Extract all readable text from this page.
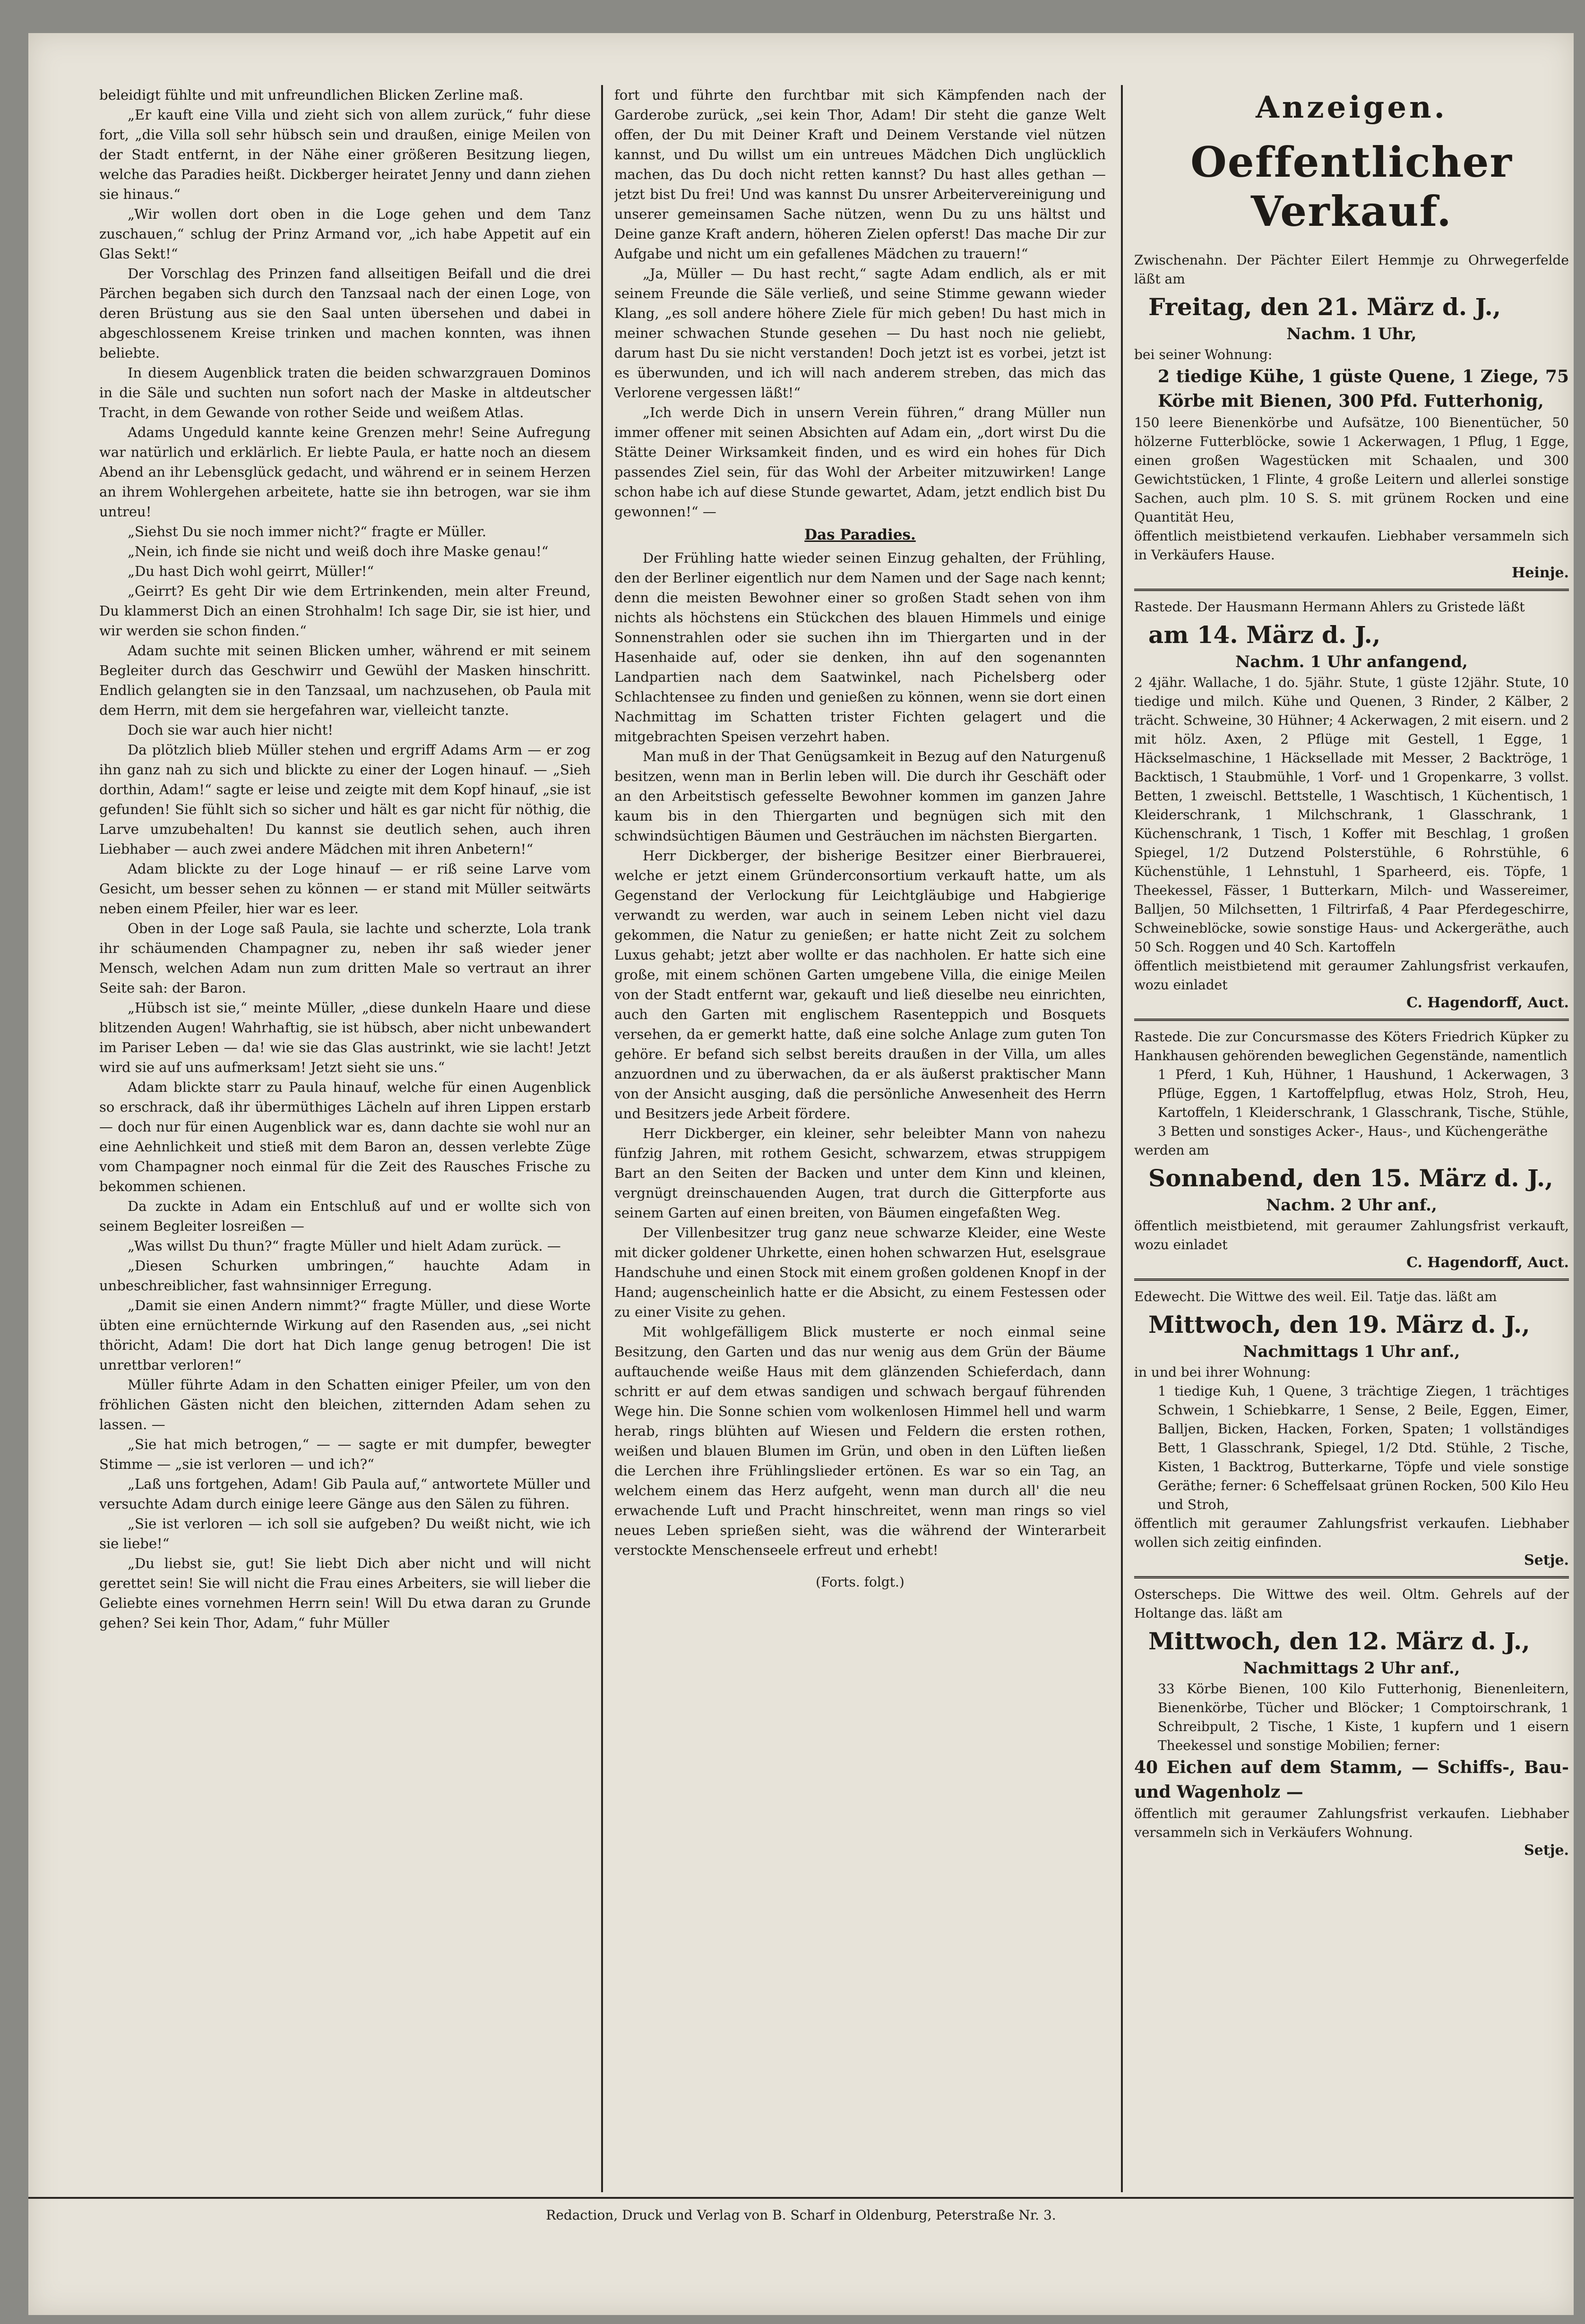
beleidigt fühlte und mit unfreundlichen Blicken Zerline maß.

„Er kauft eine Villa und zieht sich von allem zurück,“ fuhr diese fort, „die Villa soll sehr hübsch sein und draußen, einige Meilen von der Stadt entfernt, in der Nähe einer größeren Besitzung liegen, welche das Paradies heißt. Dickberger heiratet Jenny und dann ziehen sie hinaus.“

„Wir wollen dort oben in die Loge gehen und dem Tanz zuschauen,“ schlug der Prinz Armand vor, „ich habe Appetit auf ein Glas Sekt!“

Der Vorschlag des Prinzen fand allseitigen Beifall und die drei Pärchen begaben sich durch den Tanzsaal nach der einen Loge, von deren Brüstung aus sie den Saal unten übersehen und dabei in abgeschlossenem Kreise trinken und machen konnten, was ihnen beliebte.

In diesem Augenblick traten die beiden schwarzgrauen Dominos in die Säle und suchten nun sofort nach der Maske in altdeutscher Tracht, in dem Gewande von rother Seide und weißem Atlas.

Adams Ungeduld kannte keine Grenzen mehr! Seine Aufregung war natürlich und erklärlich. Er liebte Paula, er hatte noch an diesem Abend an ihr Lebensglück gedacht, und während er in seinem Herzen an ihrem Wohlergehen arbeitete, hatte sie ihn betrogen, war sie ihm untreu!

„Siehst Du sie noch immer nicht?“ fragte er Müller.

„Nein, ich finde sie nicht und weiß doch ihre Maske genau!“

„Du hast Dich wohl geirrt, Müller!“

„Geirrt? Es geht Dir wie dem Ertrinkenden, mein alter Freund, Du klammerst Dich an einen Strohhalm! Ich sage Dir, sie ist hier, und wir werden sie schon finden.“

Adam suchte mit seinen Blicken umher, während er mit seinem Begleiter durch das Geschwirr und Gewühl der Masken hinschritt. Endlich gelangten sie in den Tanzsaal, um nachzusehen, ob Paula mit dem Herrn, mit dem sie hergefahren war, vielleicht tanzte.

Doch sie war auch hier nicht!

Da plötzlich blieb Müller stehen und ergriff Adams Arm — er zog ihn ganz nah zu sich und blickte zu einer der Logen hinauf. — „Sieh dorthin, Adam!“ sagte er leise und zeigte mit dem Kopf hinauf, „sie ist gefunden! Sie fühlt sich so sicher und hält es gar nicht für nöthig, die Larve umzubehalten! Du kannst sie deutlich sehen, auch ihren Liebhaber — auch zwei andere Mädchen mit ihren Anbetern!“

Adam blickte zu der Loge hinauf — er riß seine Larve vom Gesicht, um besser sehen zu können — er stand mit Müller seitwärts neben einem Pfeiler, hier war es leer.

Oben in der Loge saß Paula, sie lachte und scherzte, Lola trank ihr schäumenden Champagner zu, neben ihr saß wieder jener Mensch, welchen Adam nun zum dritten Male so vertraut an ihrer Seite sah: der Baron.

„Hübsch ist sie,“ meinte Müller, „diese dunkeln Haare und diese blitzenden Augen! Wahrhaftig, sie ist hübsch, aber nicht unbewandert im Pariser Leben — da! wie sie das Glas austrinkt, wie sie lacht! Jetzt wird sie auf uns aufmerksam! Jetzt sieht sie uns.“

Adam blickte starr zu Paula hinauf, welche für einen Augenblick so erschrack, daß ihr übermüthiges Lächeln auf ihren Lippen erstarb — doch nur für einen Augenblick war es, dann dachte sie wohl nur an eine Aehnlichkeit und stieß mit dem Baron an, dessen verlebte Züge vom Champagner noch einmal für die Zeit des Rausches Frische zu bekommen schienen.

Da zuckte in Adam ein Entschluß auf und er wollte sich von seinem Begleiter losreißen —

„Was willst Du thun?“ fragte Müller und hielt Adam zurück. —

„Diesen Schurken umbringen,“ hauchte Adam in unbeschreiblicher, fast wahnsinniger Erregung.

„Damit sie einen Andern nimmt?“ fragte Müller, und diese Worte übten eine ernüchternde Wirkung auf den Rasenden aus, „sei nicht thöricht, Adam! Die dort hat Dich lange genug betrogen! Die ist unrettbar verloren!“

Müller führte Adam in den Schatten einiger Pfeiler, um von den fröhlichen Gästen nicht den bleichen, zitternden Adam sehen zu lassen. —

„Sie hat mich betrogen,“ — — sagte er mit dumpfer, bewegter Stimme — „sie ist verloren — und ich?“

„Laß uns fortgehen, Adam! Gib Paula auf,“ antwortete Müller und versuchte Adam durch einige leere Gänge aus den Sälen zu führen.

„Sie ist verloren — ich soll sie aufgeben? Du weißt nicht, wie ich sie liebe!“

„Du liebst sie, gut! Sie liebt Dich aber nicht und will nicht gerettet sein! Sie will nicht die Frau eines Arbeiters, sie will lieber die Geliebte eines vornehmen Herrn sein! Will Du etwa daran zu Grunde gehen? Sei kein Thor, Adam,“ fuhr Müller

fort und führte den furchtbar mit sich Kämpfenden nach der Garderobe zurück, „sei kein Thor, Adam! Dir steht die ganze Welt offen, der Du mit Deiner Kraft und Deinem Verstande viel nützen kannst, und Du willst um ein untreues Mädchen Dich unglücklich machen, das Du doch nicht retten kannst? Du hast alles gethan — jetzt bist Du frei! Und was kannst Du unsrer Arbeitervereinigung und unserer gemeinsamen Sache nützen, wenn Du zu uns hältst und Deine ganze Kraft andern, höheren Zielen opferst! Das mache Dir zur Aufgabe und nicht um ein gefallenes Mädchen zu trauern!“

„Ja, Müller — Du hast recht,“ sagte Adam endlich, als er mit seinem Freunde die Säle verließ, und seine Stimme gewann wieder Klang, „es soll andere höhere Ziele für mich geben! Du hast mich in meiner schwachen Stunde gesehen — Du hast noch nie geliebt, darum hast Du sie nicht verstanden! Doch jetzt ist es vorbei, jetzt ist es überwunden, und ich will nach anderem streben, das mich das Verlorene vergessen läßt!“

„Ich werde Dich in unsern Verein führen,“ drang Müller nun immer offener mit seinen Absichten auf Adam ein, „dort wirst Du die Stätte Deiner Wirksamkeit finden, und es wird ein hohes für Dich passendes Ziel sein, für das Wohl der Arbeiter mitzuwirken! Lange schon habe ich auf diese Stunde gewartet, Adam, jetzt endlich bist Du gewonnen!“ —

Das Paradies.

Der Frühling hatte wieder seinen Einzug gehalten, der Frühling, den der Berliner eigentlich nur dem Namen und der Sage nach kennt; denn die meisten Bewohner einer so großen Stadt sehen von ihm nichts als höchstens ein Stückchen des blauen Himmels und einige Sonnenstrahlen oder sie suchen ihn im Thiergarten und in der Hasenhaide auf, oder sie denken, ihn auf den sogenannten Landpartien nach dem Saatwinkel, nach Pichelsberg oder Schlachtensee zu finden und genießen zu können, wenn sie dort einen Nachmittag im Schatten trister Fichten gelagert und die mitgebrachten Speisen verzehrt haben.

Man muß in der That Genügsamkeit in Bezug auf den Naturgenuß besitzen, wenn man in Berlin leben will. Die durch ihr Geschäft oder an den Arbeitstisch gefesselte Bewohner kommen im ganzen Jahre kaum bis in den Thiergarten und begnügen sich mit den schwindsüchtigen Bäumen und Gesträuchen im nächsten Biergarten.

Herr Dickberger, der bisherige Besitzer einer Bierbrauerei, welche er jetzt einem Gründerconsortium verkauft hatte, um als Gegenstand der Verlockung für Leichtgläubige und Habgierige verwandt zu werden, war auch in seinem Leben nicht viel dazu gekommen, die Natur zu genießen; er hatte nicht Zeit zu solchem Luxus gehabt; jetzt aber wollte er das nachholen. Er hatte sich eine große, mit einem schönen Garten umgebene Villa, die einige Meilen von der Stadt entfernt war, gekauft und ließ dieselbe neu einrichten, auch den Garten mit englischem Rasenteppich und Bosquets versehen, da er gemerkt hatte, daß eine solche Anlage zum guten Ton gehöre. Er befand sich selbst bereits draußen in der Villa, um alles anzuordnen und zu überwachen, da er als äußerst praktischer Mann von der Ansicht ausging, daß die persönliche Anwesenheit des Herrn und Besitzers jede Arbeit fördere.

Herr Dickberger, ein kleiner, sehr beleibter Mann von nahezu fünfzig Jahren, mit rothem Gesicht, schwarzem, etwas struppigem Bart an den Seiten der Backen und unter dem Kinn und kleinen, vergnügt dreinschauenden Augen, trat durch die Gitterpforte aus seinem Garten auf einen breiten, von Bäumen eingefaßten Weg.

Der Villenbesitzer trug ganz neue schwarze Kleider, eine Weste mit dicker goldener Uhrkette, einen hohen schwarzen Hut, eselsgraue Handschuhe und einen Stock mit einem großen goldenen Knopf in der Hand; augenscheinlich hatte er die Absicht, zu einem Festessen oder zu einer Visite zu gehen.

Mit wohlgefälligem Blick musterte er noch einmal seine Besitzung, den Garten und das nur wenig aus dem Grün der Bäume auftauchende weiße Haus mit dem glänzenden Schieferdach, dann schritt er auf dem etwas sandigen und schwach bergauf führenden Wege hin. Die Sonne schien vom wolkenlosen Himmel hell und warm herab, rings blühten auf Wiesen und Feldern die ersten rothen, weißen und blauen Blumen im Grün, und oben in den Lüften ließen die Lerchen ihre Frühlingslieder ertönen. Es war so ein Tag, an welchem einem das Herz aufgeht, wenn man durch all' die neu erwachende Luft und Pracht hinschreitet, wenn man rings so viel neues Leben sprießen sieht, was die während der Winterarbeit verstockte Menschenseele erfreut und erhebt!

(Forts. folgt.)
Anzeigen.
Oeffentlicher Verkauf.

Zwischenahn. Der Pächter Eilert Hemmje zu Ohrwegerfelde läßt am

Freitag, den 21. März d. J.,
Nachm. 1 Uhr,

bei seiner Wohnung:

2 tiedige Kühe, 1 güste Quene, 1 Ziege, 75 Körbe mit Bienen, 300 Pfd. Futterhonig,

150 leere Bienenkörbe und Aufsätze, 100 Bienentücher, 50 hölzerne Futterblöcke, sowie 1 Ackerwagen, 1 Pflug, 1 Egge, einen großen Wagestücken mit Schaalen, und 300 Gewichtstücken, 1 Flinte, 4 große Leitern und allerlei sonstige Sachen, auch plm. 10 S. S. mit grünem Rocken und eine Quantität Heu,

öffentlich meistbietend verkaufen. Liebhaber versammeln sich in Verkäufers Hause.

Heinje.

Rastede. Der Hausmann Hermann Ahlers zu Gristede läßt

am 14. März d. J.,
Nachm. 1 Uhr anfangend,

2 4jähr. Wallache, 1 do. 5jähr. Stute, 1 güste 12jähr. Stute, 10 tiedige und milch. Kühe und Quenen, 3 Rinder, 2 Kälber, 2 trächt. Schweine, 30 Hühner; 4 Ackerwagen, 2 mit eisern. und 2 mit hölz. Axen, 2 Pflüge mit Gestell, 1 Egge, 1 Häckselmaschine, 1 Häcksellade mit Messer, 2 Backtröge, 1 Backtisch, 1 Staubmühle, 1 Vorf- und 1 Gropenkarre, 3 vollst. Betten, 1 zweischl. Bettstelle, 1 Waschtisch, 1 Küchentisch, 1 Kleiderschrank, 1 Milchschrank, 1 Glasschrank, 1 Küchenschrank, 1 Tisch, 1 Koffer mit Beschlag, 1 großen Spiegel, 1/2 Dutzend Polsterstühle, 6 Rohrstühle, 6 Küchenstühle, 1 Lehnstuhl, 1 Sparheerd, eis. Töpfe, 1 Theekessel, Fässer, 1 Butterkarn, Milch- und Wassereimer, Balljen, 50 Milchsetten, 1 Filtrirfaß, 4 Paar Pferdegeschirre, Schweineblöcke, sowie sonstige Haus- und Ackergeräthe, auch 50 Sch. Roggen und 40 Sch. Kartoffeln

öffentlich meistbietend mit geraumer Zahlungsfrist verkaufen, wozu einladet

C. Hagendorff, Auct.

Rastede. Die zur Concursmasse des Köters Friedrich Küpker zu Hankhausen gehörenden beweglichen Gegenstände, namentlich

1 Pferd, 1 Kuh, Hühner, 1 Haushund, 1 Ackerwagen, 3 Pflüge, Eggen, 1 Kartoffelpflug, etwas Holz, Stroh, Heu, Kartoffeln, 1 Kleiderschrank, 1 Glasschrank, Tische, Stühle, 3 Betten und sonstiges Acker-, Haus-, und Küchengeräthe

werden am

Sonnabend, den 15. März d. J.,
Nachm. 2 Uhr anf.,

öffentlich meistbietend, mit geraumer Zahlungsfrist verkauft, wozu einladet

C. Hagendorff, Auct.

Edewecht. Die Wittwe des weil. Eil. Tatje das. läßt am

Mittwoch, den 19. März d. J.,
Nachmittags 1 Uhr anf.,

in und bei ihrer Wohnung:

1 tiedige Kuh, 1 Quene, 3 trächtige Ziegen, 1 trächtiges Schwein, 1 Schiebkarre, 1 Sense, 2 Beile, Eggen, Eimer, Balljen, Bicken, Hacken, Forken, Spaten; 1 vollständiges Bett, 1 Glasschrank, Spiegel, 1/2 Dtd. Stühle, 2 Tische, Kisten, 1 Backtrog, Butterkarne, Töpfe und viele sonstige Geräthe; ferner: 6 Scheffelsaat grünen Rocken, 500 Kilo Heu und Stroh,

öffentlich mit geraumer Zahlungsfrist verkaufen. Liebhaber wollen sich zeitig einfinden.

Setje.

Osterscheps. Die Wittwe des weil. Oltm. Gehrels auf der Holtange das. läßt am

Mittwoch, den 12. März d. J.,
Nachmittags 2 Uhr anf.,

33 Körbe Bienen, 100 Kilo Futterhonig, Bienenleitern, Bienenkörbe, Tücher und Blöcker; 1 Comptoirschrank, 1 Schreibpult, 2 Tische, 1 Kiste, 1 kupfern und 1 eisern Theekessel und sonstige Mobilien; ferner:

40 Eichen auf dem Stamm, — Schiffs-, Bau- und Wagenholz —

öffentlich mit geraumer Zahlungsfrist verkaufen. Liebhaber versammeln sich in Verkäufers Wohnung.

Setje.
Redaction, Druck und Verlag von B. Scharf in Oldenburg, Peterstraße Nr. 3.
